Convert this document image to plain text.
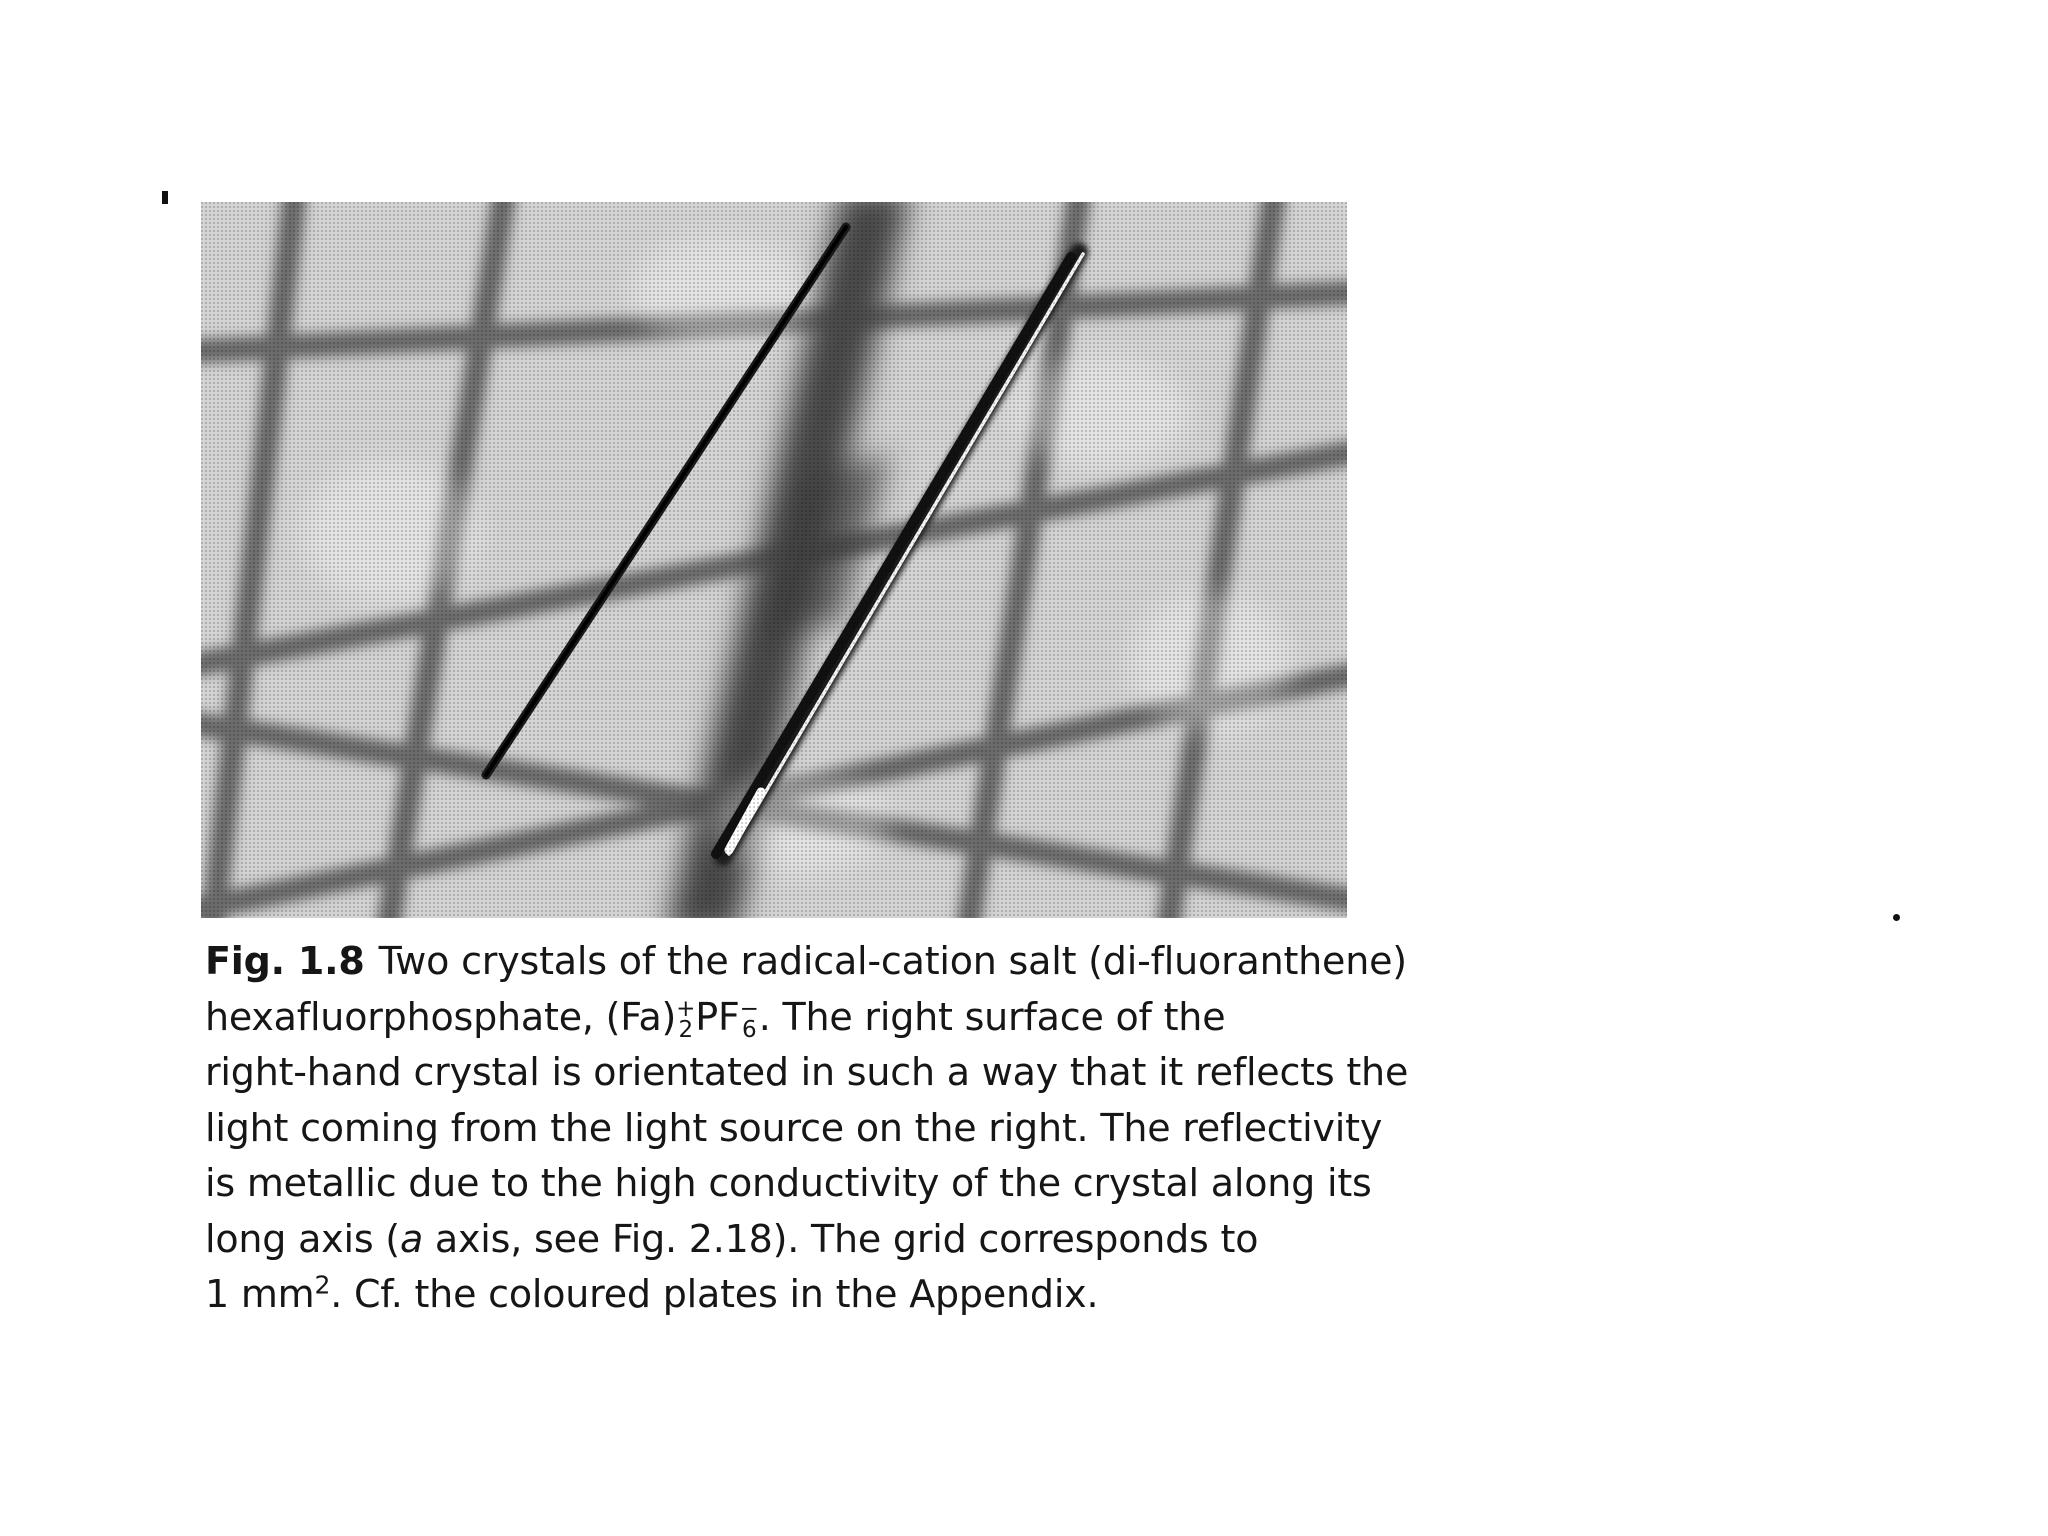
Fig. 1.8 Two crystals of the radical-cation salt (di-fluoranthene)
hexafluorphosphate, (Fa) +
2 PF −
6 . The right surface of the
right-hand crystal is orientated in such a way that it reflects the
light coming from the light source on the right. The reflectivity
is metallic due to the high conductivity of the crystal along its
long axis (a axis, see Fig. 2.18). The grid corresponds to
1 $mm^2$. Cf. the coloured plates in the Appendix.
